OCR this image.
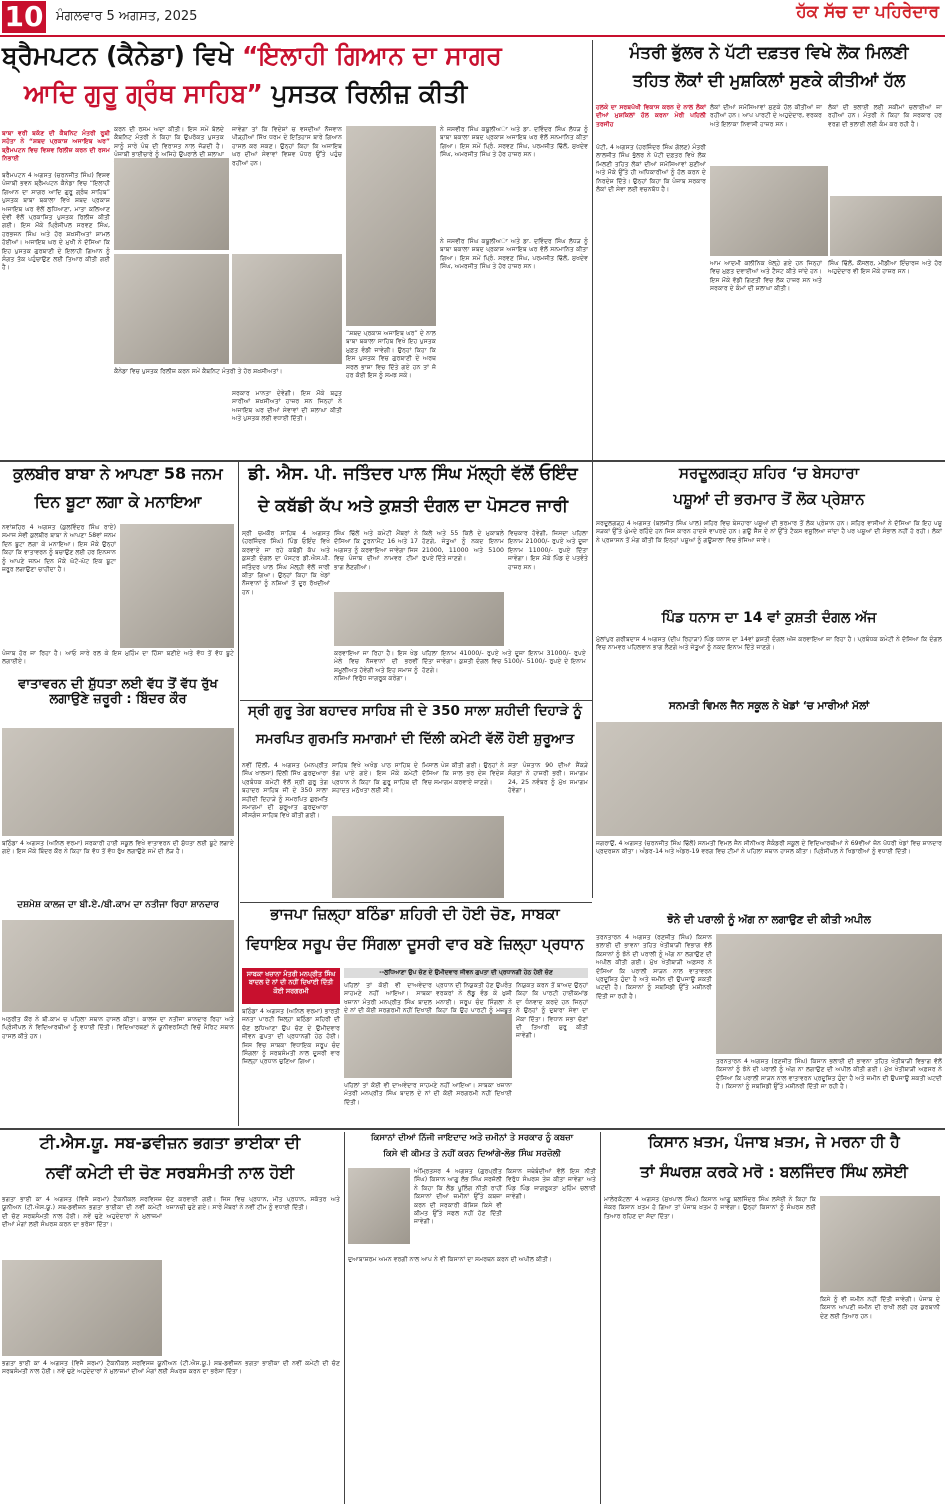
10 ਮੰਗਲਵਾਰ 5 ਅਗਸਤ, 2025	ਹੱਕ ਸੱਚ ਦਾ ਪਹਿਰੇਦਾਰ
ਬ੍ਰੈਮਪਟਨ (ਕੈਨੇਡਾ) ਵਿਖੇ “ਇਲਾਹੀ ਗਿਆਨ ਦਾ ਸਾਗਰ
ਆਦਿ ਗੁਰੂ ਗ੍ਰੰਥ ਸਾਹਿਬ” ਪੁਸਤਕ ਰਿਲੀਜ਼ ਕੀਤੀ
ਬਾਬਾ ਵਰੀ ਬਕੱਣ ਦੀ ਕੈਬਨਿਟ ਮੰਤਰੀ ਰੂਬੀ ਸਹੋਤਾ ਨੇ “ਸ਼ਬਦ ਪ੍ਰਕਾਸ਼ ਅਜਾਇਬ ਘਰ” ਬ੍ਰੈਮਪਟਨ ਵਿਚ ਵਿਸ਼ਵ ਰਿਲੀਜ਼ ਕਰਨ ਦੀ ਰਸਮ ਨਿਭਾਈ
ਬਰੈਮਪਟਨ 4 ਅਗਸਤ (ਚਰਨਜੀਤ ਸਿੰਘ) ਵਿਸ਼ਵ ਪੰਜਾਬੀ ਭਵਨ ਬ੍ਰੈਮਪਟਨ ਕੈਨੇਡਾ ਵਿਚ “ਇਲਾਹੀ ਗਿਆਨ ਦਾ ਸਾਗਰ ਆਦਿ ਗੁਰੂ ਗ੍ਰੰਥ ਸਾਹਿਬ” ਪੁਸਤਕ ਬਾਬਾ ਬਕਾਲਾ ਵਿਖੇ ਸ਼ਬਦ ਪ੍ਰਕਾਸ਼ ਅਜਾਇਬ ਘਰ ਵੱਲੋਂ ਲੁਧਿਆਣਾ, ਮਾਤਾ ਕਲਿਆਣ ਦੇਵੀ ਵੱਲੋਂ ਪ੍ਰਕਾਸ਼ਿਤ ਪੁਸਤਕ ਰਿਲੀਜ਼ ਕੀਤੀ ਗਈ। ਇਸ ਮੌਕੇ ਪ੍ਰਿੰਸੀਪਲ ਸਰਵਣ ਸਿੰਘ, ਹਰਭਜਨ ਸਿੰਘ ਅਤੇ ਹੋਰ ਸ਼ਖ਼ਸੀਅਤਾਂ ਸ਼ਾਮਲ ਹੋਈਆਂ। ਅਜਾਇਬ ਘਰ ਦੇ ਮੁਖੀ ਨੇ ਦੱਸਿਆ ਕਿ ਇਹ ਪੁਸਤਕ ਗੁਰਬਾਣੀ ਦੇ ਇਲਾਹੀ ਗਿਆਨ ਨੂੰ ਸੰਗਤ ਤੱਕ ਪਹੁੰਚਾਉਣ ਲਈ ਤਿਆਰ ਕੀਤੀ ਗਈ ਹੈ।
ਕਰਨ ਦੀ ਰਸਮ ਅਦਾ ਕੀਤੀ। ਇਸ ਸਮੇਂ ਬੋਲਦੇ ਕੈਬਨਿਟ ਮੰਤਰੀ ਨੇ ਕਿਹਾ ਕਿ ਉਪਰੋਕਤ ਪੁਸਤਕ ਸਾਨੂੰ ਸਾਰੇ ਪੰਥ ਦੀ ਵਿਰਾਸਤ ਨਾਲ ਜੋੜਦੀ ਹੈ। ਪੰਜਾਬੀ ਭਾਈਚਾਰੇ ਨੂੰ ਅਜਿਹੇ ਉਪਰਾਲੇ ਦੀ ਸ਼ਲਾਘਾ
ਜਾਵੇਗਾ ਤਾਂ ਕਿ ਵਿਦੇਸ਼ਾਂ ਚ ਵਸਦੀਆਂ ਨੌਜਵਾਨ ਪੀੜ੍ਹੀਆਂ ਸਿੱਖ ਧਰਮ ਦੇ ਇਤਿਹਾਸ ਬਾਰੇ ਗਿਆਨ ਹਾਸਲ ਕਰ ਸਕਣ। ਉਨ੍ਹਾਂ ਕਿਹਾ ਕਿ ਅਜਾਇਬ ਘਰ ਦੀਆਂ ਸੇਵਾਵਾਂ ਵਿਸ਼ਵ ਪੱਧਰ ਉੱਤੇ ਪਹੁੰਚ ਰਹੀਆਂ ਹਨ।
“ਸ਼ਬਦ ਪ੍ਰਕਾਸ਼ ਅਜਾਇਬ ਘਰ” ਦੇ ਨਾਲ ਬਾਬਾ ਬਕਾਲਾ ਸਾਹਿਬ ਵਿਖੇ ਇਹ ਪੁਸਤਕ ਮੁਫ਼ਤ ਵੰਡੀ ਜਾਵੇਗੀ। ਉਨ੍ਹਾਂ ਕਿਹਾ ਕਿ ਇਸ ਪੁਸਤਕ ਵਿਚ ਗੁਰਬਾਣੀ ਦੇ ਅਰਥ ਸਰਲ ਭਾਸ਼ਾ ਵਿਚ ਦਿੱਤੇ ਗਏ ਹਨ ਤਾਂ ਜੋ ਹਰ ਕੋਈ ਇਸ ਨੂੰ ਸਮਝ ਸਕੇ।
ਨੇ ਜਸਵੀਰ ਸਿੰਘ ਕਬੂਲੀਅਾ ਅਤੇ ਡਾ. ਦਵਿੰਦਰ ਸਿੰਘ ਲੱਧੜ ਨੂੰ ਬਾਬਾ ਬਕਾਲਾ ਸ਼ਬਦ ਪ੍ਰਕਾਸ਼ ਅਜਾਇਬ ਘਰ ਵੱਲੋਂ ਸਨਮਾਨਿਤ ਕੀਤਾ ਗਿਆ। ਇਸ ਸਮੇਂ ਪ੍ਰਿੰ. ਸਰਵਣ ਸਿੰਘ, ਪਰਮਜੀਤ ਢਿੱਲੋਂ, ਸੁਖਦੇਵ ਸਿੰਘ, ਅਮਰਜੀਤ ਸਿੰਘ ਤੇ ਹੋਰ ਹਾਜ਼ਰ ਸਨ।
ਕੈਨੇਡਾ ਵਿਚ ਪੁਸਤਕ ਰਿਲੀਜ਼ ਕਰਨ ਸਮੇਂ ਕੈਬਨਿਟ ਮੰਤਰੀ ਤੇ ਹੋਰ ਸ਼ਖ਼ਸੀਅਤਾਂ।
ਸਰਕਾਰ ਮਾਨਤਾ ਦੇਵੇਗੀ। ਇਸ ਮੌਕੇ ਬਹੁਤ ਸਾਰੀਆਂ ਸ਼ਖ਼ਸੀਅਤਾਂ ਹਾਜ਼ਰ ਸਨ ਜਿਨ੍ਹਾਂ ਨੇ ਅਜਾਇਬ ਘਰ ਦੀਆਂ ਸੇਵਾਵਾਂ ਦੀ ਸ਼ਲਾਘਾ ਕੀਤੀ ਅਤੇ ਪੁਸਤਕ ਲਈ ਵਧਾਈ ਦਿੱਤੀ।
ਨੇ ਜਸਵੀਰ ਸਿੰਘ ਕਬੂਲੀਅਾ ਅਤੇ ਡਾ. ਦਵਿੰਦਰ ਸਿੰਘ ਲੱਧੜ ਨੂੰ ਬਾਬਾ ਬਕਾਲਾ ਸ਼ਬਦ ਪ੍ਰਕਾਸ਼ ਅਜਾਇਬ ਘਰ ਵੱਲੋਂ ਸਨਮਾਨਿਤ ਕੀਤਾ ਗਿਆ। ਇਸ ਸਮੇਂ ਪ੍ਰਿੰ. ਸਰਵਣ ਸਿੰਘ, ਪਰਮਜੀਤ ਢਿੱਲੋਂ, ਸੁਖਦੇਵ ਸਿੰਘ, ਅਮਰਜੀਤ ਸਿੰਘ ਤੇ ਹੋਰ ਹਾਜ਼ਰ ਸਨ।
ਮੰਤਰੀ ਭੁੱਲਰ ਨੇ ਪੱਟੀ ਦਫ਼ਤਰ ਵਿਖੇ ਲੋਕ ਮਿਲਣੀ
ਤਹਿਤ ਲੋਕਾਂ ਦੀ ਮੁਸ਼ਕਿਲਾਂ ਸੁਣਕੇ ਕੀਤੀਆਂ ਹੱਲ
ਹਲਕੇ ਦਾ ਸਰਬਪੱਖੀ ਵਿਕਾਸ ਕਰਨ ਦੇ ਨਾਲ ਲੋਕਾਂ ਦੀਆਂ ਮੁਸ਼ਕਿਲਾਂ ਹੱਲ ਕਰਨਾ ਮੇਰੀ ਪਹਿਲੀ ਤਰਜੀਹ
ਪੱਟੀ, 4 ਅਗਸਤ (ਹਰਜਿੰਦਰ ਸਿੰਘ ਗੋਲਣ) ਮੰਤਰੀ ਲਾਲਜੀਤ ਸਿੰਘ ਭੁੱਲਰ ਨੇ ਪੱਟੀ ਦਫ਼ਤਰ ਵਿਖੇ ਲੋਕ ਮਿਲਣੀ ਤਹਿਤ ਲੋਕਾਂ ਦੀਆਂ ਸਮੱਸਿਆਵਾਂ ਸੁਣੀਆਂ ਅਤੇ ਮੌਕੇ ਉੱਤੇ ਹੀ ਅਧਿਕਾਰੀਆਂ ਨੂੰ ਹੱਲ ਕਰਨ ਦੇ ਨਿਰਦੇਸ਼ ਦਿੱਤੇ। ਉਨ੍ਹਾਂ ਕਿਹਾ ਕਿ ਪੰਜਾਬ ਸਰਕਾਰ ਲੋਕਾਂ ਦੀ ਸੇਵਾ ਲਈ ਵਚਨਬੱਧ ਹੈ।
ਲੋਕਾਂ ਦੀਆਂ ਸਮੱਸਿਆਵਾਂ ਸੁਣਕੇ ਹੱਲ ਕੀਤੀਆਂ ਜਾ ਰਹੀਆਂ ਹਨ। ਆਪ ਪਾਰਟੀ ਦੇ ਅਹੁਦੇਦਾਰ, ਵਰਕਰ ਅਤੇ ਇਲਾਕਾ ਨਿਵਾਸੀ ਹਾਜ਼ਰ ਸਨ।
ਲੋਕਾਂ ਦੀ ਭਲਾਈ ਲਈ ਸਕੀਮਾਂ ਚਲਾਈਆਂ ਜਾ ਰਹੀਆਂ ਹਨ। ਮੰਤਰੀ ਨੇ ਕਿਹਾ ਕਿ ਸਰਕਾਰ ਹਰ ਵਰਗ ਦੀ ਭਲਾਈ ਲਈ ਕੰਮ ਕਰ ਰਹੀ ਹੈ।
ਆਮ ਆਦਮੀ ਕਲੀਨਿਕ ਖੋਲ੍ਹੇ ਗਏ ਹਨ ਜਿਨ੍ਹਾਂ ਵਿਚ ਮੁਫ਼ਤ ਦਵਾਈਆਂ ਅਤੇ ਟੈਸਟ ਕੀਤੇ ਜਾਂਦੇ ਹਨ। ਇਸ ਮੌਕੇ ਵੱਡੀ ਗਿਣਤੀ ਵਿਚ ਲੋਕ ਹਾਜ਼ਰ ਸਨ ਅਤੇ ਸਰਕਾਰ ਦੇ ਕੰਮਾਂ ਦੀ ਸ਼ਲਾਘਾ ਕੀਤੀ।
ਸਿੰਘ ਢਿੱਲੋਂ, ਕੌਂਸਲਰ, ਮੀਡੀਆ ਇੰਚਾਰਜ ਅਤੇ ਹੋਰ ਅਹੁਦੇਦਾਰ ਵੀ ਇਸ ਮੌਕੇ ਹਾਜ਼ਰ ਸਨ।
ਕੁਲਬੀਰ ਬਾਬਾ ਨੇ ਆਪਣਾ 58 ਜਨਮ
ਦਿਨ ਬੂਟਾ ਲਗਾ ਕੇ ਮਨਾਇਆ
ਨਵਾਂਸ਼ਹਿਰ 4 ਅਗਸਤ (ਕੁਲਵਿੰਦਰ ਸਿੰਘ ਰਾਏ) ਸਮਾਜ ਸੇਵੀ ਕੁਲਬੀਰ ਬਾਬਾ ਨੇ ਆਪਣਾ 58ਵਾਂ ਜਨਮ ਦਿਨ ਬੂਟਾ ਲਗਾ ਕੇ ਮਨਾਇਆ। ਇਸ ਮੌਕੇ ਉਨ੍ਹਾਂ ਕਿਹਾ ਕਿ ਵਾਤਾਵਰਨ ਨੂੰ ਬਚਾਉਣ ਲਈ ਹਰ ਇਨਸਾਨ ਨੂੰ ਆਪਣੇ ਜਨਮ ਦਿਨ ਮੌਕੇ ਘੱਟੋ-ਘੱਟ ਇਕ ਬੂਟਾ ਜ਼ਰੂਰ ਲਗਾਉਣਾ ਚਾਹੀਦਾ ਹੈ।
ਪੰਜਾਬ ਹੋਰ ਜਾ ਰਿਹਾ ਹੈ। ਆਓ ਸਾਰੇ ਰਲ ਕੇ ਇਸ ਮੁਹਿੰਮ ਦਾ ਹਿੱਸਾ ਬਣੀਏ ਅਤੇ ਵੱਧ ਤੋਂ ਵੱਧ ਬੂਟੇ ਲਗਾਈਏ।
ਵਾਤਾਵਰਨ ਦੀ ਸ਼ੁੱਧਤਾ ਲਈ ਵੱਧ ਤੋਂ ਵੱਧ ਰੁੱਖ ਲਗਾਉਣੇ ਜ਼ਰੂਰੀ : ਬਿੰਦਰ ਕੌਰ
ਬਠਿੰਡਾ 4 ਅਗਸਤ (ਅਨਿਲ ਵਰਮਾ) ਸਰਕਾਰੀ ਹਾਈ ਸਕੂਲ ਵਿਖੇ ਵਾਤਾਵਰਨ ਦੀ ਸ਼ੁੱਧਤਾ ਲਈ ਬੂਟੇ ਲਗਾਏ ਗਏ। ਇਸ ਮੌਕੇ ਬਿੰਦਰ ਕੌਰ ਨੇ ਕਿਹਾ ਕਿ ਵੱਧ ਤੋਂ ਵੱਧ ਰੁੱਖ ਲਗਾਉਣੇ ਸਮੇਂ ਦੀ ਲੋੜ ਹੈ।
ਦਸ਼ਮੇਸ਼ ਕਾਲਜ ਦਾ ਬੀ.ਏ./ਬੀ.ਕਾਮ ਦਾ ਨਤੀਜਾ ਰਿਹਾ ਸ਼ਾਨਦਾਰ
ਅਨੁਰੀਤ ਕੌਰ ਨੇ ਬੀ.ਕਾਮ ਚ ਪਹਿਲਾ ਸਥਾਨ ਹਾਸਲ ਕੀਤਾ। ਕਾਲਜ ਦਾ ਨਤੀਜਾ ਸ਼ਾਨਦਾਰ ਰਿਹਾ ਅਤੇ ਪ੍ਰਿੰਸੀਪਲ ਨੇ ਵਿਦਿਆਰਥੀਆਂ ਨੂੰ ਵਧਾਈ ਦਿੱਤੀ। ਵਿਦਿਆਰਥਣਾਂ ਨੇ ਯੂਨੀਵਰਸਿਟੀ ਵਿਚੋਂ ਮੈਰਿਟ ਸਥਾਨ ਹਾਸਲ ਕੀਤੇ ਹਨ।
ਡੀ. ਐਸ. ਪੀ. ਜਤਿੰਦਰ ਪਾਲ ਸਿੰਘ ਮੱਲ੍ਹੀ ਵੱਲੋਂ ਓਇੰਦ
ਦੇ ਕਬੱਡੀ ਕੱਪ ਅਤੇ ਕੁਸ਼ਤੀ ਦੰਗਲ ਦਾ ਪੋਸਟਰ ਜਾਰੀ
ਸ੍ਰੀ ਚਮਕੌਰ ਸਾਹਿਬ 4 ਅਗਸਤ (ਹਰਜਿੰਦਰ ਸਿੰਘ) ਪਿੰਡ ਓਇੰਦ ਵਿਖੇ ਕਰਵਾਏ ਜਾ ਰਹੇ ਕਬੱਡੀ ਕੱਪ ਅਤੇ ਕੁਸ਼ਤੀ ਦੰਗਲ ਦਾ ਪੋਸਟਰ ਡੀ.ਐਸ.ਪੀ. ਜਤਿੰਦਰ ਪਾਲ ਸਿੰਘ ਮੱਲ੍ਹੀ ਵੱਲੋਂ ਜਾਰੀ ਕੀਤਾ ਗਿਆ। ਉਨ੍ਹਾਂ ਕਿਹਾ ਕਿ ਖੇਡਾਂ ਨੌਜਵਾਨਾਂ ਨੂੰ ਨਸ਼ਿਆਂ ਤੋਂ ਦੂਰ ਰੱਖਦੀਆਂ ਹਨ।
ਸਿੰਘ ਢਿੱਲੋਂ ਅਤੇ ਕਮੇਟੀ ਮੈਂਬਰਾਂ ਨੇ ਦੱਸਿਆ ਕਿ ਟੂਰਨਾਮੈਂਟ 16 ਅਤੇ 17 ਅਗਸਤ ਨੂੰ ਕਰਵਾਇਆ ਜਾਵੇਗਾ ਜਿਸ ਵਿਚ ਪੰਜਾਬ ਦੀਆਂ ਨਾਮਵਰ ਟੀਮਾਂ ਭਾਗ ਲੈਣਗੀਆਂ।
ਕਿਲੋ ਅਤੇ 55 ਕਿਲੋ ਦੇ ਮੁਕਾਬਲੇ ਹੋਣਗੇ, ਜੇਤੂਆਂ ਨੂੰ ਨਕਦ ਇਨਾਮ 21000, 11000 ਅਤੇ 5100 ਰੁਪਏ ਦਿੱਤੇ ਜਾਣਗੇ।
ਵਿਚਕਾਰ ਹੋਵੇਗੀ, ਜਿਸਦਾ ਪਹਿਲਾ ਇਨਾਮ 21000/- ਰੁਪਏ ਅਤੇ ਦੂਜਾ ਇਨਾਮ 11000/- ਰੁਪਏ ਦਿੱਤਾ ਜਾਵੇਗਾ। ਇਸ ਮੌਕੇ ਪਿੰਡ ਦੇ ਪਤਵੰਤੇ ਹਾਜ਼ਰ ਸਨ।
ਕਰਵਾਇਆ ਜਾ ਰਿਹਾ ਹੈ। ਇਸ ਖੇਡ ਮੇਲੇ ਵਿਚ ਨੌਜਵਾਨਾਂ ਦੀ ਭਰਵੀਂ ਸ਼ਮੂਲੀਅਤ ਹੋਵੇਗੀ ਅਤੇ ਇਹ ਸਮਾਜ ਨੂੰ ਨਸ਼ਿਆਂ ਵਿਰੁੱਧ ਜਾਗਰੂਕ ਕਰੇਗਾ।
ਪਹਿਲਾ ਇਨਾਮ 41000/- ਰੁਪਏ ਅਤੇ ਦੂਜਾ ਇਨਾਮ 31000/- ਰੁਪਏ ਦਿੱਤਾ ਜਾਵੇਗਾ। ਕੁਸ਼ਤੀ ਦੰਗਲ ਵਿਚ 5100/- 5100/- ਰੁਪਏ ਦੇ ਇਨਾਮ ਹੋਣਗੇ।
ਸ੍ਰੀ ਗੁਰੂ ਤੇਗ ਬਹਾਦਰ ਸਾਹਿਬ ਜੀ ਦੇ 350 ਸਾਲਾ ਸ਼ਹੀਦੀ ਦਿਹਾੜੇ ਨੂੰ
ਸਮਰਪਿਤ ਗੁਰਮਤਿ ਸਮਾਗਮਾਂ ਦੀ ਦਿੱਲੀ ਕਮੇਟੀ ਵੱਲੋਂ ਹੋਈ ਸ਼ੁਰੂਆਤ
ਨਵੀਂ ਦਿੱਲੀ, 4 ਅਗਸਤ (ਮਨਪ੍ਰੀਤ ਸਿੰਘ ਖਾਲਸਾ) ਦਿੱਲੀ ਸਿੱਖ ਗੁਰਦੁਆਰਾ ਪ੍ਰਬੰਧਕ ਕਮੇਟੀ ਵੱਲੋਂ ਸ੍ਰੀ ਗੁਰੂ ਤੇਗ ਬਹਾਦਰ ਸਾਹਿਬ ਜੀ ਦੇ 350 ਸਾਲਾ ਸ਼ਹੀਦੀ ਦਿਹਾੜੇ ਨੂੰ ਸਮਰਪਿਤ ਗੁਰਮਤਿ ਸਮਾਗਮਾਂ ਦੀ ਸ਼ੁਰੂਆਤ ਗੁਰਦੁਆਰਾ ਸੀਸਗੰਜ ਸਾਹਿਬ ਵਿਖੇ ਕੀਤੀ ਗਈ।
ਸਾਹਿਬ ਵਿਖੇ ਅਖੰਡ ਪਾਠ ਸਾਹਿਬ ਦੇ ਭੋਗ ਪਾਏ ਗਏ। ਇਸ ਮੌਕੇ ਕਮੇਟੀ ਪ੍ਰਧਾਨ ਨੇ ਕਿਹਾ ਕਿ ਗੁਰੂ ਸਾਹਿਬ ਦੀ ਸ਼ਹਾਦਤ ਮਨੁੱਖਤਾ ਲਈ ਸੀ।
ਮਿਸਾਲ ਪੇਸ਼ ਕੀਤੀ ਗਈ। ਉਨ੍ਹਾਂ ਨੇ ਦੱਸਿਆ ਕਿ ਸਾਲ ਭਰ ਦੇਸ਼ ਵਿਦੇਸ਼ ਵਿਚ ਸਮਾਗਮ ਕਰਵਾਏ ਜਾਣਗੇ।
ਸ਼ਤਾ ਪੰਜ਼ਤਾਨ 90 ਦੀਆਂ ਸੈਂਕੜੇ ਸੰਗਤਾਂ ਨੇ ਹਾਜ਼ਰੀ ਭਰੀ। ਸਮਾਗਮ 24, 25 ਨਵੰਬਰ ਨੂੰ ਮੁੱਖ ਸਮਾਗਮ ਹੋਵੇਗਾ।
ਸਰਦੂਲਗੜ੍ਹ ਸ਼ਹਿਰ ‘ਚ ਬੇਸਹਾਰਾ
ਪਸ਼ੂਆਂ ਦੀ ਭਰਮਾਰ ਤੋਂ ਲੋਕ ਪ੍ਰੇਸ਼ਾਨ
ਸਰਦੂਲਗੜ੍ਹ 4 ਅਗਸਤ (ਬਲਜੀਤ ਸਿੰਘ ਪਾਲ) ਸ਼ਹਿਰ ਵਿਚ ਬੇਸਹਾਰਾ ਪਸ਼ੂਆਂ ਦੀ ਭਰਮਾਰ ਤੋਂ ਲੋਕ ਪ੍ਰੇਸ਼ਾਨ ਹਨ। ਸ਼ਹਿਰ ਵਾਸੀਆਂ ਨੇ ਦੱਸਿਆ ਕਿ ਇਹ ਪਸ਼ੂ ਸੜਕਾਂ ਉੱਤੇ ਘੁੰਮਦੇ ਰਹਿੰਦੇ ਹਨ ਜਿਸ ਕਾਰਨ ਹਾਦਸੇ ਵਾਪਰਦੇ ਹਨ। ਗਊ ਸੈੱਸ ਦੇ ਨਾਂ ਉੱਤੇ ਟੈਕਸ ਵਸੂਲਿਆ ਜਾਂਦਾ ਹੈ ਪਰ ਪਸ਼ੂਆਂ ਦੀ ਸੰਭਾਲ ਨਹੀਂ ਹੋ ਰਹੀ। ਲੋਕਾਂ ਨੇ ਪ੍ਰਸ਼ਾਸਨ ਤੋਂ ਮੰਗ ਕੀਤੀ ਕਿ ਇਨ੍ਹਾਂ ਪਸ਼ੂਆਂ ਨੂੰ ਗਊਸ਼ਾਲਾ ਵਿਚ ਭੇਜਿਆ ਜਾਵੇ।
ਪਿੰਡ ਧਨਾਸ ਦਾ 14 ਵਾਂ ਕੁਸ਼ਤੀ ਦੰਗਲ ਅੱਜ
ਮੁੱਲਾਂਪੁਰ ਗਰੀਬਦਾਸ 4 ਅਗਸਤ (ਦੀਪ ਰਿਹਾੜਾ) ਪਿੰਡ ਧਨਾਸ ਦਾ 14ਵਾਂ ਕੁਸ਼ਤੀ ਦੰਗਲ ਅੱਜ ਕਰਵਾਇਆ ਜਾ ਰਿਹਾ ਹੈ। ਪ੍ਰਬੰਧਕ ਕਮੇਟੀ ਨੇ ਦੱਸਿਆ ਕਿ ਦੰਗਲ ਵਿਚ ਨਾਮਵਰ ਪਹਿਲਵਾਨ ਭਾਗ ਲੈਣਗੇ ਅਤੇ ਜੇਤੂਆਂ ਨੂੰ ਨਕਦ ਇਨਾਮ ਦਿੱਤੇ ਜਾਣਗੇ।
ਸਨਮਤੀ ਵਿਮਲ ਜੈਨ ਸਕੂਲ ਨੇ ਖੇਡਾਂ ‘ਚ ਮਾਰੀਆਂ ਮੱਲਾਂ
ਜਗਰਾਉਂ, 4 ਅਗਸਤ (ਚਰਨਜੀਤ ਸਿੰਘ ਢਿੱਲੋਂ) ਸਨਮਤੀ ਵਿਮਲ ਜੈਨ ਸੀਨੀਅਰ ਸੈਕੰਡਰੀ ਸਕੂਲ ਦੇ ਵਿਦਿਆਰਥੀਆਂ ਨੇ 69ਵੀਆਂ ਜ਼ੋਨ ਪੱਧਰੀ ਖੇਡਾਂ ਵਿਚ ਸ਼ਾਨਦਾਰ ਪ੍ਰਦਰਸ਼ਨ ਕੀਤਾ। ਅੰਡਰ-14 ਅਤੇ ਅੰਡਰ-19 ਵਰਗ ਵਿਚ ਟੀਮਾਂ ਨੇ ਪਹਿਲਾ ਸਥਾਨ ਹਾਸਲ ਕੀਤਾ। ਪ੍ਰਿੰਸੀਪਲ ਨੇ ਖਿਡਾਰੀਆਂ ਨੂੰ ਵਧਾਈ ਦਿੱਤੀ।
ਝੋਨੇ ਦੀ ਪਰਾਲੀ ਨੂੰ ਅੱਗ ਨਾ ਲਗਾਉਣ ਦੀ ਕੀਤੀ ਅਪੀਲ
ਤਰਨਤਾਰਨ 4 ਅਗਸਤ (ਰਣਜੀਤ ਸਿੰਘ) ਕਿਸਾਨ ਭਲਾਈ ਦੀ ਭਾਵਨਾ ਤਹਿਤ ਖੇਤੀਬਾੜੀ ਵਿਭਾਗ ਵੱਲੋਂ ਕਿਸਾਨਾਂ ਨੂੰ ਝੋਨੇ ਦੀ ਪਰਾਲੀ ਨੂੰ ਅੱਗ ਨਾ ਲਗਾਉਣ ਦੀ ਅਪੀਲ ਕੀਤੀ ਗਈ। ਮੁੱਖ ਖੇਤੀਬਾੜੀ ਅਫ਼ਸਰ ਨੇ ਦੱਸਿਆ ਕਿ ਪਰਾਲੀ ਸਾੜਨ ਨਾਲ ਵਾਤਾਵਰਨ ਪ੍ਰਦੂਸ਼ਿਤ ਹੁੰਦਾ ਹੈ ਅਤੇ ਜ਼ਮੀਨ ਦੀ ਉਪਜਾਊ ਸ਼ਕਤੀ ਘਟਦੀ ਹੈ। ਕਿਸਾਨਾਂ ਨੂੰ ਸਬਸਿਡੀ ਉੱਤੇ ਮਸ਼ੀਨਰੀ ਦਿੱਤੀ ਜਾ ਰਹੀ ਹੈ।
ਤਰਨਤਾਰਨ 4 ਅਗਸਤ (ਰਣਜੀਤ ਸਿੰਘ) ਕਿਸਾਨ ਭਲਾਈ ਦੀ ਭਾਵਨਾ ਤਹਿਤ ਖੇਤੀਬਾੜੀ ਵਿਭਾਗ ਵੱਲੋਂ ਕਿਸਾਨਾਂ ਨੂੰ ਝੋਨੇ ਦੀ ਪਰਾਲੀ ਨੂੰ ਅੱਗ ਨਾ ਲਗਾਉਣ ਦੀ ਅਪੀਲ ਕੀਤੀ ਗਈ। ਮੁੱਖ ਖੇਤੀਬਾੜੀ ਅਫ਼ਸਰ ਨੇ ਦੱਸਿਆ ਕਿ ਪਰਾਲੀ ਸਾੜਨ ਨਾਲ ਵਾਤਾਵਰਨ ਪ੍ਰਦੂਸ਼ਿਤ ਹੁੰਦਾ ਹੈ ਅਤੇ ਜ਼ਮੀਨ ਦੀ ਉਪਜਾਊ ਸ਼ਕਤੀ ਘਟਦੀ ਹੈ। ਕਿਸਾਨਾਂ ਨੂੰ ਸਬਸਿਡੀ ਉੱਤੇ ਮਸ਼ੀਨਰੀ ਦਿੱਤੀ ਜਾ ਰਹੀ ਹੈ।
ਭਾਜਪਾ ਜ਼ਿਲ੍ਹਾ ਬਠਿੰਡਾ ਸ਼ਹਿਰੀ ਦੀ ਹੋਈ ਚੋਣ, ਸਾਬਕਾ
ਵਿਧਾਇਕ ਸਰੂਪ ਚੰਦ ਸਿੰਗਲਾ ਦੂਸਰੀ ਵਾਰ ਬਣੇ ਜ਼ਿਲ੍ਹਾ ਪ੍ਰਧਾਨ
ਸਾਬਕਾ ਖਜ਼ਾਨਾ ਮੰਤਰੀ ਮਨਪ੍ਰੀਤ ਸਿੰਘ ਬਾਦਲ ਦੇ ਨਾਂ ਦੀ ਨਹੀਂ ਦਿਖਾਈ ਦਿੱਤੀ ਕੋਈ ਸਰਗਰਮੀ
--ਲੁਧਿਆਣਾ ਉਪ ਚੋਣ ਦੇ ਉਮੀਦਵਾਰ ਜੀਵਨ ਗੁਪਤਾ ਦੀ ਪ੍ਰਧਾਨਗੀ ਹੇਠ ਹੋਈ ਚੋਣ
ਬਠਿੰਡਾ 4 ਅਗਸਤ (ਅਨਿਲ ਵਰਮਾ) ਭਾਰਤੀ ਜਨਤਾ ਪਾਰਟੀ ਜ਼ਿਲ੍ਹਾ ਬਠਿੰਡਾ ਸ਼ਹਿਰੀ ਦੀ ਚੋਣ ਲੁਧਿਆਣਾ ਉਪ ਚੋਣ ਦੇ ਉਮੀਦਵਾਰ ਜੀਵਨ ਗੁਪਤਾ ਦੀ ਪ੍ਰਧਾਨਗੀ ਹੇਠ ਹੋਈ। ਜਿਸ ਵਿਚ ਸਾਬਕਾ ਵਿਧਾਇਕ ਸਰੂਪ ਚੰਦ ਸਿੰਗਲਾ ਨੂੰ ਸਰਬਸੰਮਤੀ ਨਾਲ ਦੂਸਰੀ ਵਾਰ ਜ਼ਿਲ੍ਹਾ ਪ੍ਰਧਾਨ ਚੁਣਿਆ ਗਿਆ।
ਪਹਿਲਾਂ ਤਾਂ ਕੋਈ ਵੀ ਦਾਅਵੇਦਾਰ ਸਾਹਮਣੇ ਨਹੀਂ ਆਇਆ। ਸਾਬਕਾ ਖਜ਼ਾਨਾ ਮੰਤਰੀ ਮਨਪ੍ਰੀਤ ਸਿੰਘ ਬਾਦਲ ਦੇ ਨਾਂ ਦੀ ਕੋਈ ਸਰਗਰਮੀ ਨਹੀਂ ਦਿਖਾਈ
ਪ੍ਰਧਾਨ ਦੀ ਨਿਯੁਕਤੀ ਹੋਣ ਉਪਰੰਤ ਵਰਕਰਾਂ ਨੇ ਲੱਡੂ ਵੰਡ ਕੇ ਖ਼ੁਸ਼ੀ ਮਨਾਈ। ਸਰੂਪ ਚੰਦ ਸਿੰਗਲਾ ਨੇ ਕਿਹਾ ਕਿ ਉਹ ਪਾਰਟੀ ਨੂੰ ਮਜ਼ਬੂਤ
ਨਿਯੁਕਤ ਕਰਨ ਤੋਂ ਬਾਅਦ ਉਨ੍ਹਾਂ ਕਿਹਾ ਕਿ ਪਾਰਟੀ ਹਾਈਕਮਾਂਡ ਦਾ ਧੰਨਵਾਦ ਕਰਦੇ ਹਨ ਜਿਨ੍ਹਾਂ ਨੇ ਉਨ੍ਹਾਂ ਨੂੰ ਦੁਬਾਰਾ ਸੇਵਾ ਦਾ ਮੌਕਾ ਦਿੱਤਾ। ਵਿਧਾਨ ਸਭਾ ਚੋਣਾਂ ਦੀ ਤਿਆਰੀ ਸ਼ੁਰੂ ਕੀਤੀ ਜਾਵੇਗੀ।
ਪਹਿਲਾਂ ਤਾਂ ਕੋਈ ਵੀ ਦਾਅਵੇਦਾਰ ਸਾਹਮਣੇ ਨਹੀਂ ਆਇਆ। ਸਾਬਕਾ ਖਜ਼ਾਨਾ ਮੰਤਰੀ ਮਨਪ੍ਰੀਤ ਸਿੰਘ ਬਾਦਲ ਦੇ ਨਾਂ ਦੀ ਕੋਈ ਸਰਗਰਮੀ ਨਹੀਂ ਦਿਖਾਈ ਦਿੱਤੀ।
ਟੀ.ਐਸ.ਯੂ. ਸਬ-ਡਵੀਜ਼ਨ ਭਗਤਾ ਭਾਈਕਾ ਦੀ
ਨਵੀਂ ਕਮੇਟੀ ਦੀ ਚੋਣ ਸਰਬਸੰਮਤੀ ਨਾਲ ਹੋਈ
ਭਗਤਾ ਭਾਈ ਕਾ 4 ਅਗਸਤ (ਵਿਜੈ ਸ਼ਰਮਾ) ਟੈਕਨੀਕਲ ਸਰਵਿਸਜ਼ ਯੂਨੀਅਨ (ਟੀ.ਐਸ.ਯੂ.) ਸਬ-ਡਵੀਜ਼ਨ ਭਗਤਾ ਭਾਈਕਾ ਦੀ ਨਵੀਂ ਕਮੇਟੀ ਦੀ ਚੋਣ ਸਰਬਸੰਮਤੀ ਨਾਲ ਹੋਈ। ਨਵੇਂ ਚੁਣੇ ਅਹੁਦੇਦਾਰਾਂ ਨੇ ਮੁਲਾਜ਼ਮਾਂ ਦੀਆਂ ਮੰਗਾਂ ਲਈ ਸੰਘਰਸ਼ ਕਰਨ ਦਾ ਭਰੋਸਾ ਦਿੱਤਾ।
ਚੋਣ ਕਰਵਾਈ ਗਈ। ਜਿਸ ਵਿਚ ਪ੍ਰਧਾਨ, ਮੀਤ ਪ੍ਰਧਾਨ, ਸਕੱਤਰ ਅਤੇ ਖਜ਼ਾਨਚੀ ਚੁਣੇ ਗਏ। ਸਾਰੇ ਮੈਂਬਰਾਂ ਨੇ ਨਵੀਂ ਟੀਮ ਨੂੰ ਵਧਾਈ ਦਿੱਤੀ।
ਭਗਤਾ ਭਾਈ ਕਾ 4 ਅਗਸਤ (ਵਿਜੈ ਸ਼ਰਮਾ) ਟੈਕਨੀਕਲ ਸਰਵਿਸਜ਼ ਯੂਨੀਅਨ (ਟੀ.ਐਸ.ਯੂ.) ਸਬ-ਡਵੀਜ਼ਨ ਭਗਤਾ ਭਾਈਕਾ ਦੀ ਨਵੀਂ ਕਮੇਟੀ ਦੀ ਚੋਣ ਸਰਬਸੰਮਤੀ ਨਾਲ ਹੋਈ। ਨਵੇਂ ਚੁਣੇ ਅਹੁਦੇਦਾਰਾਂ ਨੇ ਮੁਲਾਜ਼ਮਾਂ ਦੀਆਂ ਮੰਗਾਂ ਲਈ ਸੰਘਰਸ਼ ਕਰਨ ਦਾ ਭਰੋਸਾ ਦਿੱਤਾ।
ਕਿਸਾਨਾਂ ਦੀਆਂ ਨਿੱਜੀ ਜਾਇਦਾਦ ਅਤੇ ਜ਼ਮੀਨਾਂ ਤੇ ਸਰਕਾਰ ਨੂੰ ਕਬਜ਼ਾ
ਕਿਸੇ ਵੀ ਕੀਮਤ ਤੇ ਨਹੀਂ ਕਰਨ ਦਿਆਂਗੇ-ਲੋਭ ਸਿੰਘ ਸਰਜ਼ੋਲੀ
ਅੰਮ੍ਰਿਤਸਰ 4 ਅਗਸਤ (ਗੁਰਪ੍ਰੀਤ ਸਿੰਘ) ਕਿਸਾਨ ਆਗੂ ਲੋਭ ਸਿੰਘ ਸਰਜ਼ੋਲੀ ਨੇ ਕਿਹਾ ਕਿ ਲੈਂਡ ਪੂਲਿੰਗ ਨੀਤੀ ਰਾਹੀਂ ਕਿਸਾਨਾਂ ਦੀਆਂ ਜ਼ਮੀਨਾਂ ਉੱਤੇ ਕਬਜ਼ਾ ਕਰਨ ਦੀ ਸਰਕਾਰੀ ਕੋਸ਼ਿਸ਼ ਕਿਸੇ ਵੀ ਕੀਮਤ ਉੱਤੇ ਸਫਲ ਨਹੀਂ ਹੋਣ ਦਿੱਤੀ ਜਾਵੇਗੀ।
ਕਿਸਾਨ ਜਥੇਬੰਦੀਆਂ ਵੱਲੋਂ ਇਸ ਨੀਤੀ ਵਿਰੁੱਧ ਸੰਘਰਸ਼ ਤੇਜ਼ ਕੀਤਾ ਜਾਵੇਗਾ ਅਤੇ ਪਿੰਡ ਪਿੰਡ ਜਾਗਰੂਕਤਾ ਮੁਹਿੰਮ ਚਲਾਈ ਜਾਵੇਗੀ।
ਦੁਆਬਾਸ਼ਰਮ ਅਮਨ ਵਰਗੀ ਨਾਲ ਆਪ ਨੇ ਵੀ ਕਿਸਾਨਾਂ ਦਾ ਸਮਰਥਨ ਕਰਨ ਦੀ ਅਪੀਲ ਕੀਤੀ।
ਕਿਸਾਨ ਖ਼ਤਮ, ਪੰਜਾਬ ਖ਼ਤਮ, ਜੇ ਮਰਨਾ ਹੀ ਹੈ
ਤਾਂ ਸੰਘਰਸ਼ ਕਰਕੇ ਮਰੋ : ਬਲਜਿੰਦਰ ਸਿੰਘ ਲਸੋਈ
ਮਾਲੇਰਕੋਟਲਾ 4 ਅਗਸਤ (ਸੁਖਪਾਲ ਸਿੰਘ) ਕਿਸਾਨ ਆਗੂ ਬਲਜਿੰਦਰ ਸਿੰਘ ਲਸੋਈ ਨੇ ਕਿਹਾ ਕਿ ਜੇਕਰ ਕਿਸਾਨ ਖ਼ਤਮ ਹੋ ਗਿਆ ਤਾਂ ਪੰਜਾਬ ਖ਼ਤਮ ਹੋ ਜਾਵੇਗਾ। ਉਨ੍ਹਾਂ ਕਿਸਾਨਾਂ ਨੂੰ ਸੰਘਰਸ਼ ਲਈ ਤਿਆਰ ਰਹਿਣ ਦਾ ਸੱਦਾ ਦਿੱਤਾ।
ਕਿਸੇ ਨੂੰ ਵੀ ਜ਼ਮੀਨ ਨਹੀਂ ਦਿੱਤੀ ਜਾਵੇਗੀ। ਪੰਜਾਬ ਦੇ ਕਿਸਾਨ ਆਪਣੀ ਜ਼ਮੀਨ ਦੀ ਰਾਖੀ ਲਈ ਹਰ ਕੁਰਬਾਨੀ ਦੇਣ ਲਈ ਤਿਆਰ ਹਨ।
